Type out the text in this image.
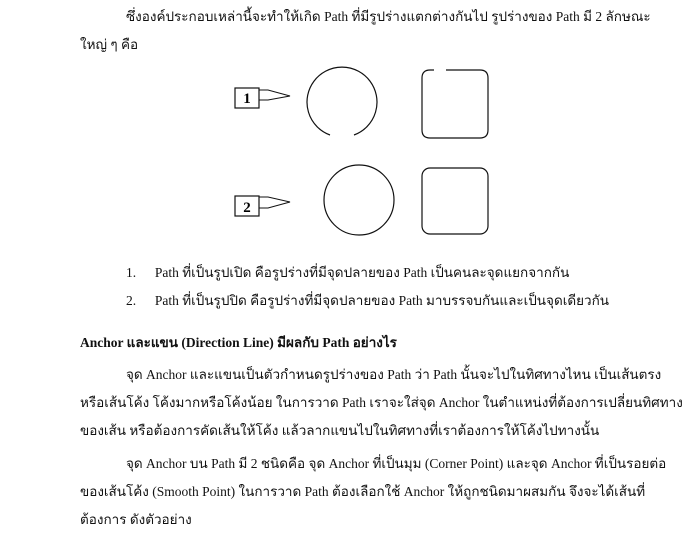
ซึ่งองค์ประกอบเหล่านี้จะทำให้เกิด Path ที่มีรูปร่างแตกต่างกันไป รูปร่างของ Path มี 2 ลักษณะ
ใหญ่ ๆ คือ
1
2
1. Path ที่เป็นรูปเปิด คือรูปร่างที่มีจุดปลายของ Path เป็นคนละจุดแยกจากกัน
2. Path ที่เป็นรูปปิด คือรูปร่างที่มีจุดปลายของ Path มาบรรจบกันและเป็นจุดเดียวกัน
Anchor และแขน (Direction Line) มีผลกับ Path อย่างไร
จุด Anchor และแขนเป็นตัวกำหนดรูปร่างของ Path ว่า Path นั้นจะไปในทิศทางไหน เป็นเส้นตรง
หรือเส้นโค้ง โค้งมากหรือโค้งน้อย ในการวาด Path เราจะใส่จุด Anchor ในตำแหน่งที่ต้องการเปลี่ยนทิศทาง
ของเส้น หรือต้องการคัดเส้นให้โค้ง แล้วลากแขนไปในทิศทางที่เราต้องการให้โค้งไปทางนั้น
จุด Anchor บน Path มี 2 ชนิดคือ จุด Anchor ที่เป็นมุม (Corner Point) และจุด Anchor ที่เป็นรอยต่อ
ของเส้นโค้ง (Smooth Point) ในการวาด Path ต้องเลือกใช้ Anchor ให้ถูกชนิดมาผสมกัน จึงจะได้เส้นที่
ต้องการ ดังตัวอย่าง
